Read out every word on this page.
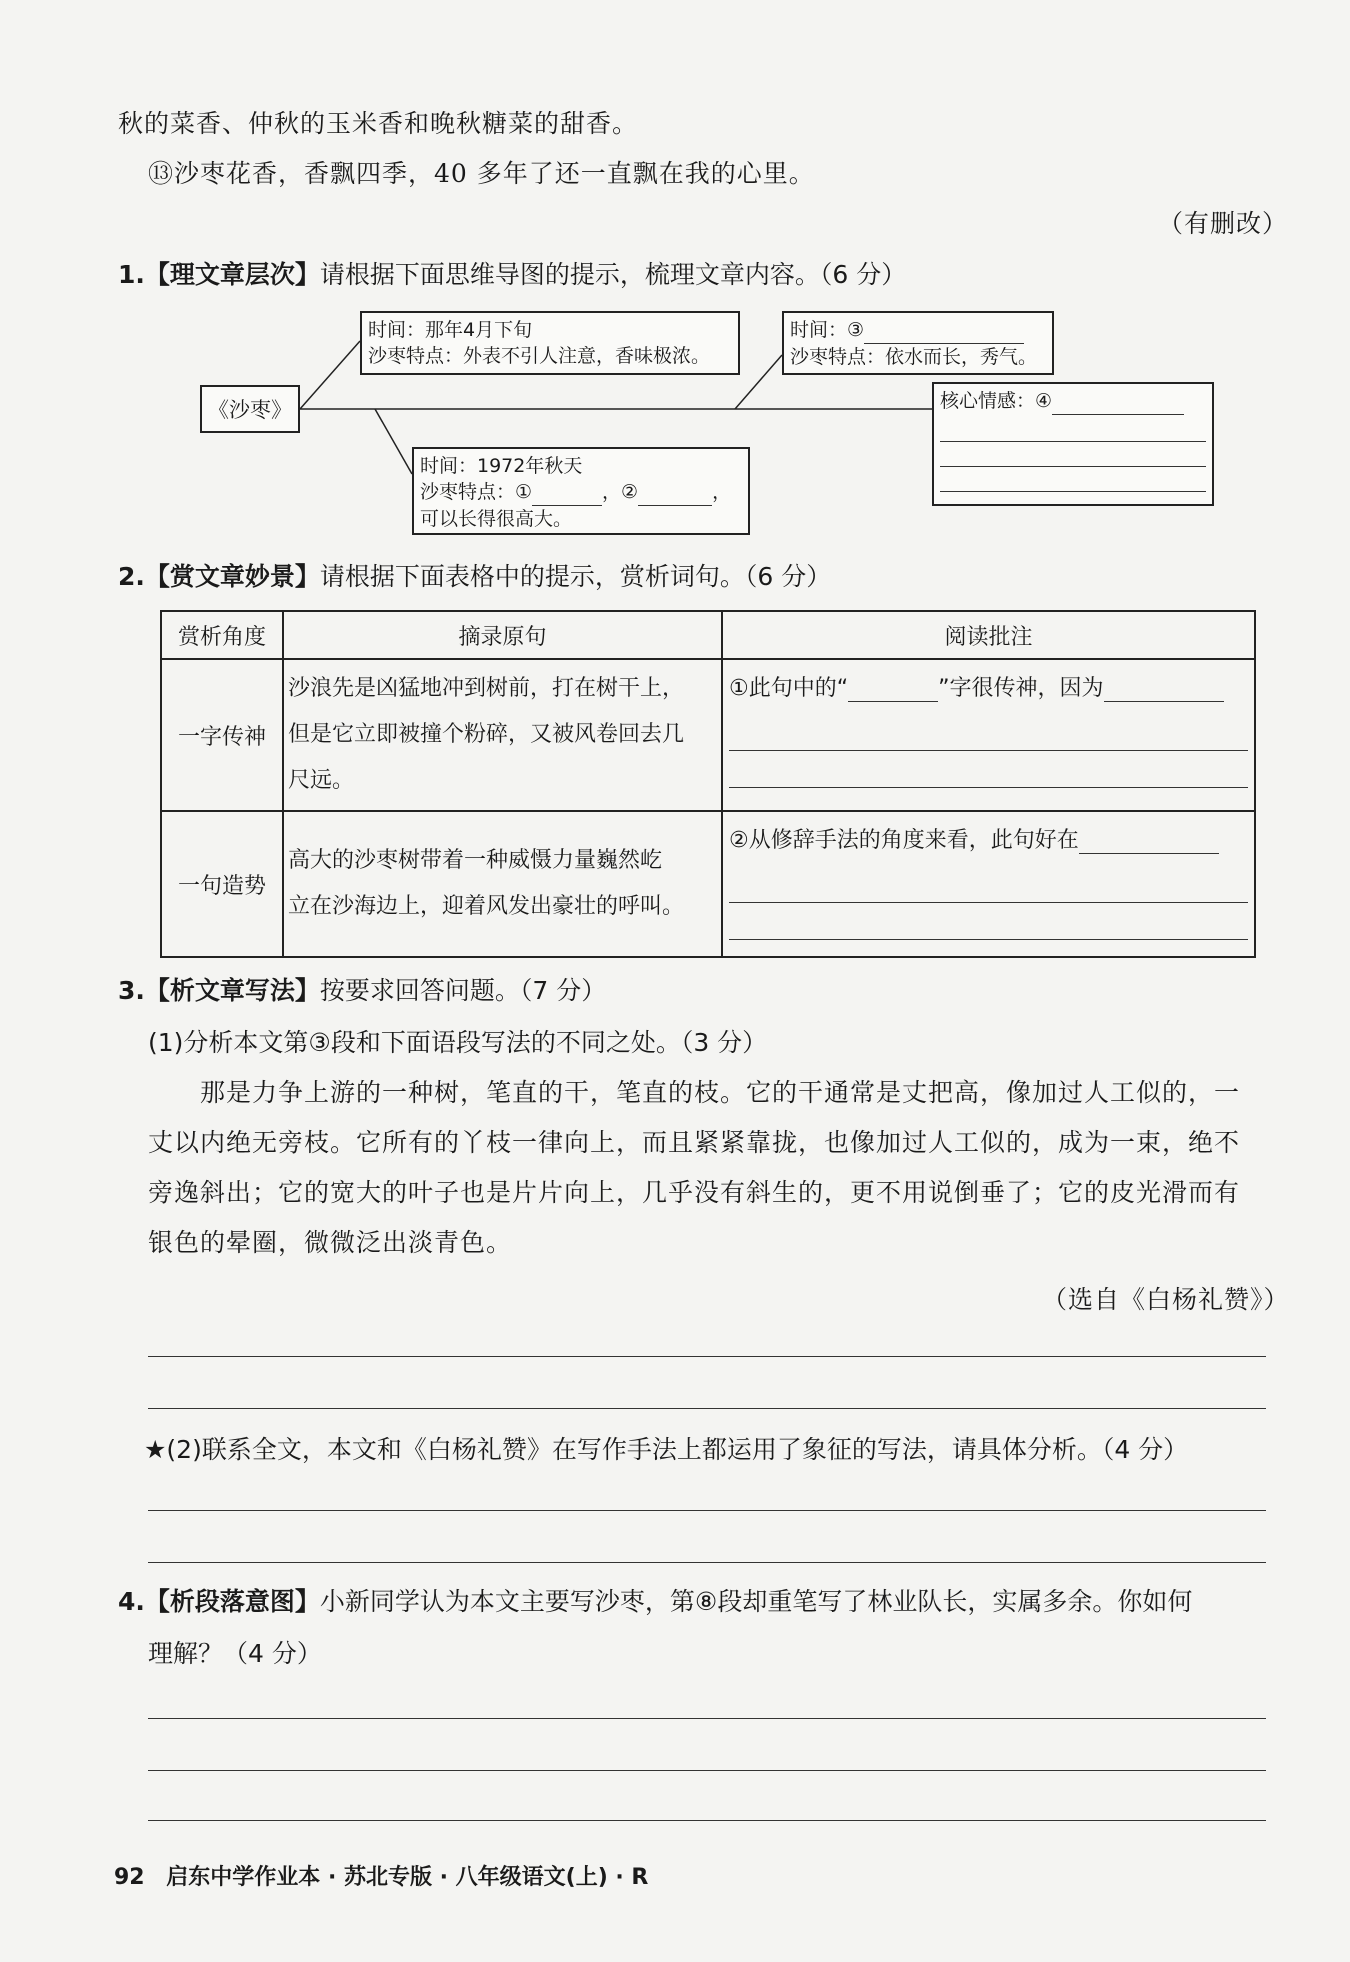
秋的菜香、仲秋的玉米香和晚秋糖菜的甜香。
⑬沙枣花香，香飘四季，40 多年了还一直飘在我的心里。
（有删改）
1.【理文章层次】请根据下面思维导图的提示，梳理文章内容。（6 分）
《沙枣》
时间：那年4月下旬
沙枣特点：外表不引人注意，香味极浓。
时间：③
沙枣特点：依水而长，秀气。
时间：1972年秋天
沙枣特点：①	，②	，
可以长得很高大。
核心情感：④
2.【赏文章妙景】请根据下面表格中的提示，赏析词句。（6 分）
赏析角度	摘录原句	阅读批注
一字传神	沙浪先是凶猛地冲到树前，打在树干上，
但是它立即被撞个粉碎，又被风卷回去几
尺远。	①此句中的“ ”字很传神，因为

一句造势	高大的沙枣树带着一种威慑力量巍然屹
立在沙海边上，迎着风发出豪壮的呼叫。	②从修辞手法的角度来看，此句好在
3.【析文章写法】按要求回答问题。（7 分）
(1)分析本文第③段和下面语段写法的不同之处。（3 分）
那是力争上游的一种树，笔直的干，笔直的枝。它的干通常是丈把高，像加过人工似的，一
丈以内绝无旁枝。它所有的丫枝一律向上，而且紧紧靠拢，也像加过人工似的，成为一束，绝不
旁逸斜出；它的宽大的叶子也是片片向上，几乎没有斜生的，更不用说倒垂了；它的皮光滑而有
银色的晕圈，微微泛出淡青色。
（选自《白杨礼赞》）
★(2)联系全文，本文和《白杨礼赞》在写作手法上都运用了象征的写法，请具体分析。（4 分）
4.【析段落意图】小新同学认为本文主要写沙枣，第⑧段却重笔写了林业队长，实属多余。你如何
理解？（4 分）
92 启东中学作业本 · 苏北专版 · 八年级语文(上) · R
